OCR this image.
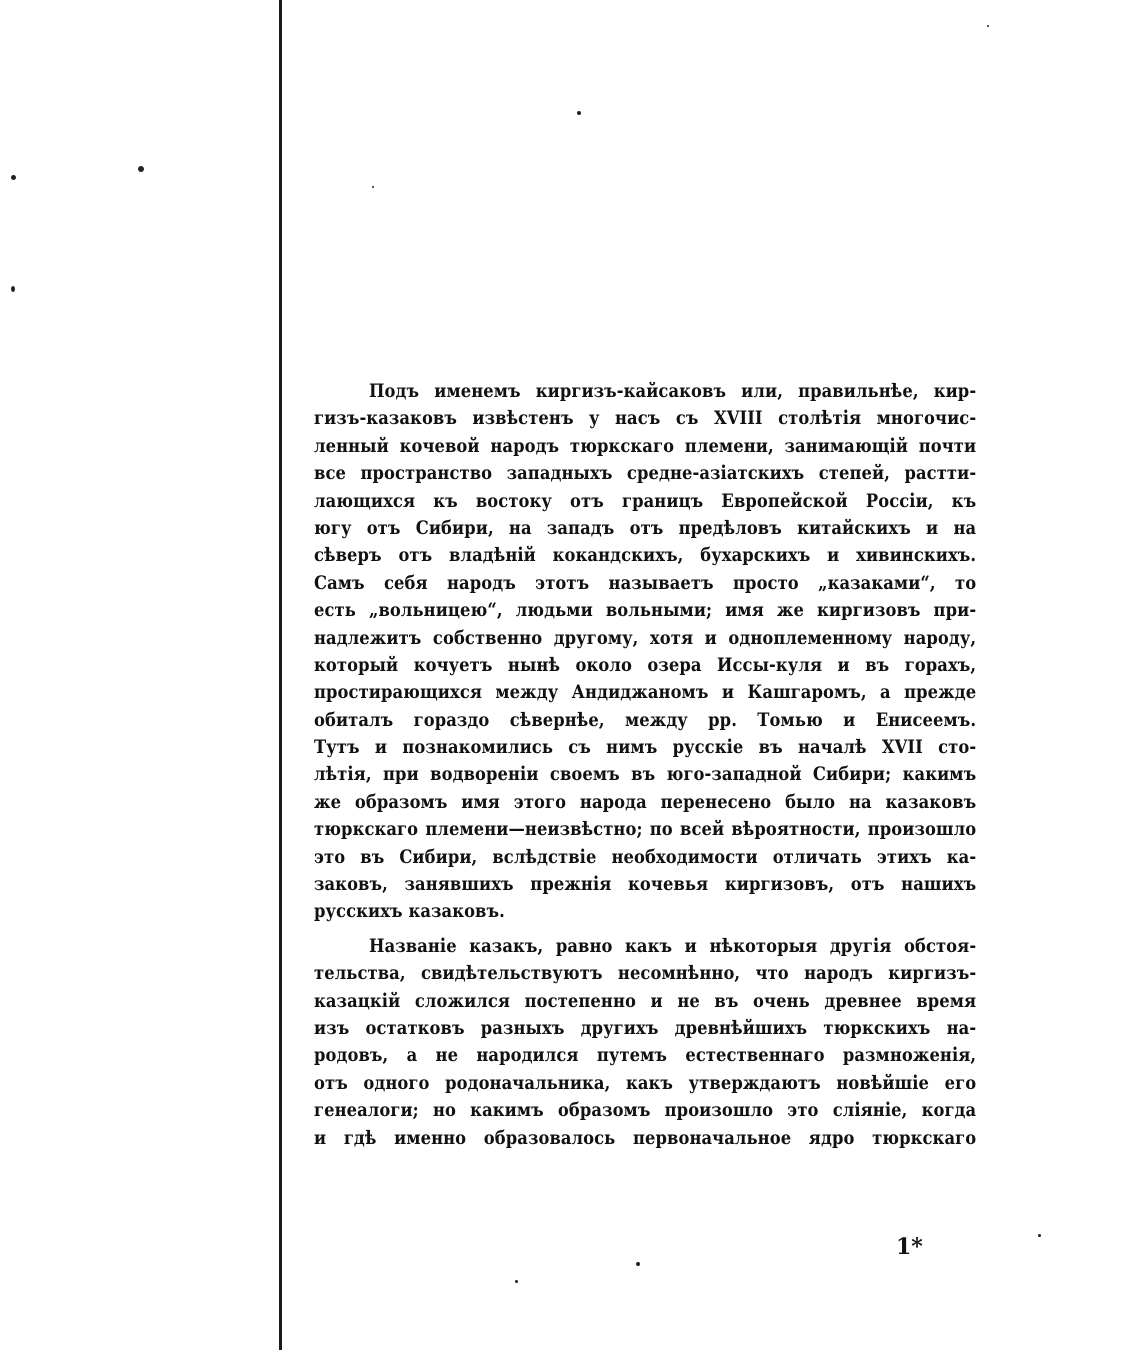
Подъ именемъ киргизъ-кайсаковъ или, правильнѣе, кир-
гизъ-казаковъ извѣстенъ у насъ съ XVIII столѣтія многочис-
ленный кочевой народъ тюркскаго племени, занимающій почти
все пространство западныхъ средне-азіатскихъ степей, растти-
лающихся къ востоку отъ границъ Европейской Россіи, къ
югу отъ Сибири, на западъ отъ предѣловъ китайскихъ и на
сѣверъ отъ владѣній кокандскихъ, бухарскихъ и хивинскихъ.
Самъ себя народъ этотъ называетъ просто „казаками“, то
есть „вольницею“, людьми вольными; имя же киргизовъ при-
надлежитъ собственно другому, хотя и одноплеменному народу,
который кочуетъ нынѣ около озера Иссы-куля и въ горахъ,
простирающихся между Андиджаномъ и Кашгаромъ, а прежде
обиталъ гораздо сѣвернѣе, между рр. Томью и Енисеемъ.
Тутъ и познакомились съ нимъ русскіе въ началѣ XVII сто-
лѣтія, при водвореніи своемъ въ юго-западной Сибири; какимъ
же образомъ имя этого народа перенесено было на казаковъ
тюркскаго племени—неизвѣстно; по всей вѣроятности, произошло
это въ Сибири, вслѣдствіе необходимости отличать этихъ ка-
заковъ, занявшихъ прежнія кочевья киргизовъ, отъ нашихъ
русскихъ казаковъ.
Названіе казакъ, равно какъ и нѣкоторыя другія обстоя-
тельства, свидѣтельствуютъ несомнѣнно, что народъ киргизъ-
казацкій сложился постепенно и не въ очень древнее время
изъ остатковъ разныхъ другихъ древнѣйшихъ тюркскихъ на-
родовъ, а не народился путемъ естественнаго размноженія,
отъ одного родоначальника, какъ утверждаютъ новѣйшіе его
генеалоги; но какимъ образомъ произошло это сліяніе, когда
и гдѣ именно образовалось первоначальное ядро тюркскаго
1*
